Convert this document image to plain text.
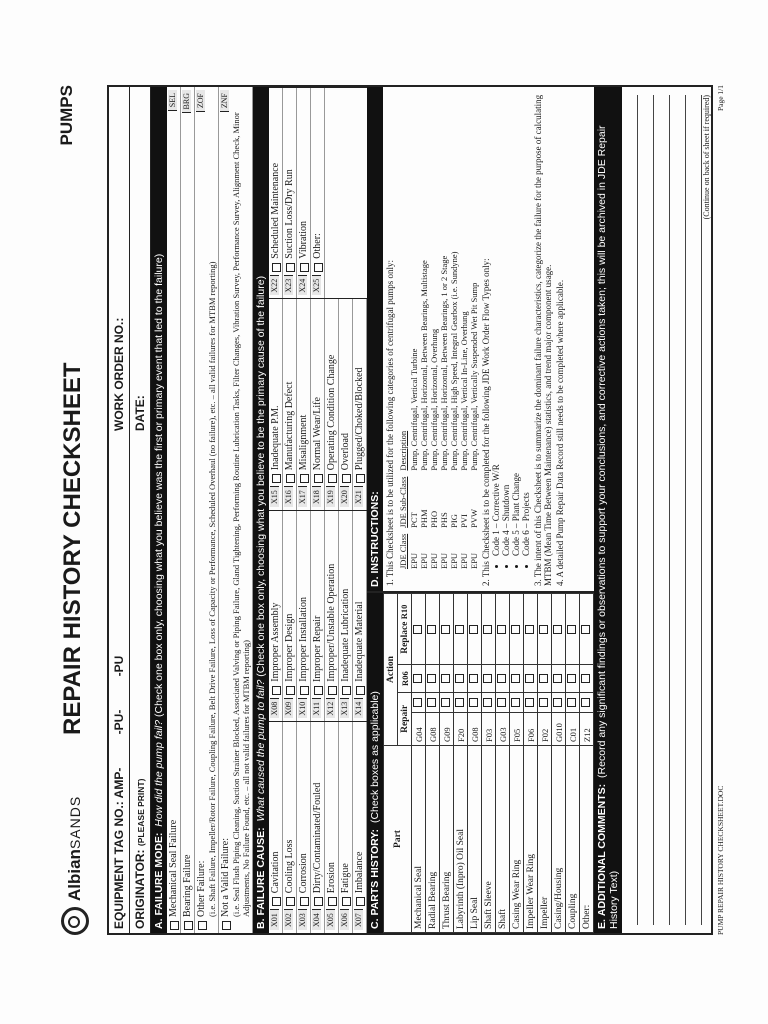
Albian
SANDS
REPAIR HISTORY CHECKSHEET
PUMPS
EQUIPMENT TAG NO.: AMP- -PU- -PU
WORK ORDER NO.:
ORIGINATOR: (PLEASE PRINT)
DATE:
A.FAILURE MODE: How did the pump fail? (Check one box only, choosing what you believe was the first or primary event that led to the failure)
Mechanical Seal Failure
SEL
Bearing Failure
BRG
Other Failure: (i.e. Shaft Failure, Impeller/Rotor Failure, Coupling Failure, Belt Drive Failure, Loss of Capacity or Performance, Scheduled Overhaul (no failure), etc. – all valid failures for MTBM reporting)
ZOF
Not a Valid Failure: (i.e. Seal Flush Piping Cleaning, Suction Strainer Blocked, Associated Valving or Piping Failure, Gland Tightening, Performing Routine Lubrication Tasks, Filter Changes, Vibration Survey, Performance Survey, Alignment Check, Minor Adjustments, No Failure Found, etc. – all not valid failures for MTBM reporting)
ZNF
B.FAILURE CAUSE: What caused the pump to fail? (Check one box only, choosing what you believe to be the primary cause of the failure)
X01
Cavitation
X02
Cooling Loss
X03
Corrosion
X04
Dirty/Contaminated/Fouled
X05
Erosion
X06
Fatigue
X07
Imbalance
X08
Improper Assembly
X09
Improper Design
X10
Improper Installation
X11
Improper Repair
X12
Improper/Unstable Operation
X13
Inadequate Lubrication
X14
Inadequate Material
X15
Inadequate P.M.
X16
Manufacturing Defect
X17
Misalignment
X18
Normal Wear/Life
X19
Operating Condition Change
X20
Overload
X21
Plugged/Choked/Blocked
X22
Scheduled Maintenance
X23
Suction Loss/Dry Run
X24
Vibration
X25
Other:
C.PARTS HISTORY: (Check boxes as applicable)
Part	Action			
	Repair		R06	Replace R10
Mechanical Seal	G04			
Radial Bearing	G08			
Thrust Bearing	G09			
Labyrinth (Inpro) Oil Seal	F20			
Lip Seal	G08			
Shaft Sleeve	F03			
Shaft	G03			
Casing Wear Ring	F05			
Impeller Wear Ring	F06			
Impeller	F02			
Casing/Housing	G010			
Coupling	C01			
Other:	Z12			
D.INSTRUCTIONS: 1. This Checksheet is to be utilized for the following categories of centrifugal pumps only: JDE Class	JDE Sub-Class	Description
EPU	PCT	Pump, Centrifugal, Vertical Turbine
EPU	PHM	Pump, Centrifugal, Horizontal, Between Bearings, Multistage
EPU	PHO	Pump, Centrifugal, Horizontal, Overhung
EPU	PHS	Pump, Centrifugal, Horizontal, Between Bearings, 1 or 2 Stage
EPU	PIG	Pump, Centrifugal, High Speed, Integral Gearbox (i.e. Sundyne)
EPU	PVI	Pump, Centrifugal, Vertical In-Line, Overhung
EPU	PVW	Pump, Centrifugal, Vertically Suspended Wet Pit Sump 2. This Checksheet is to be completed for the following JDE Work Order Flow Types only: • Code 1 – Corrective W/R • Code 4 – Shutdown • Code 5 – Plant Change • Code 6 – Projects 3. The intent of this Checksheet is to summarize the dominant failure characteristics, categorize the failure for the purpose of calculating MTBM (Mean Time Between Maintenance) statistics, and trend major component usage. 4. A detailed Pump Repair Data Record still needs to be completed where applicable.
E.ADDITIONAL COMMENTS: (Record any significant findings or observations to support your conclusions, and corrective actions taken; this will be archived in JDE Repair History Text)
(Continue on back of sheet if required)
PUMP REPAIR HISTORY CHECKSHEET.DOC
Page 1/1
